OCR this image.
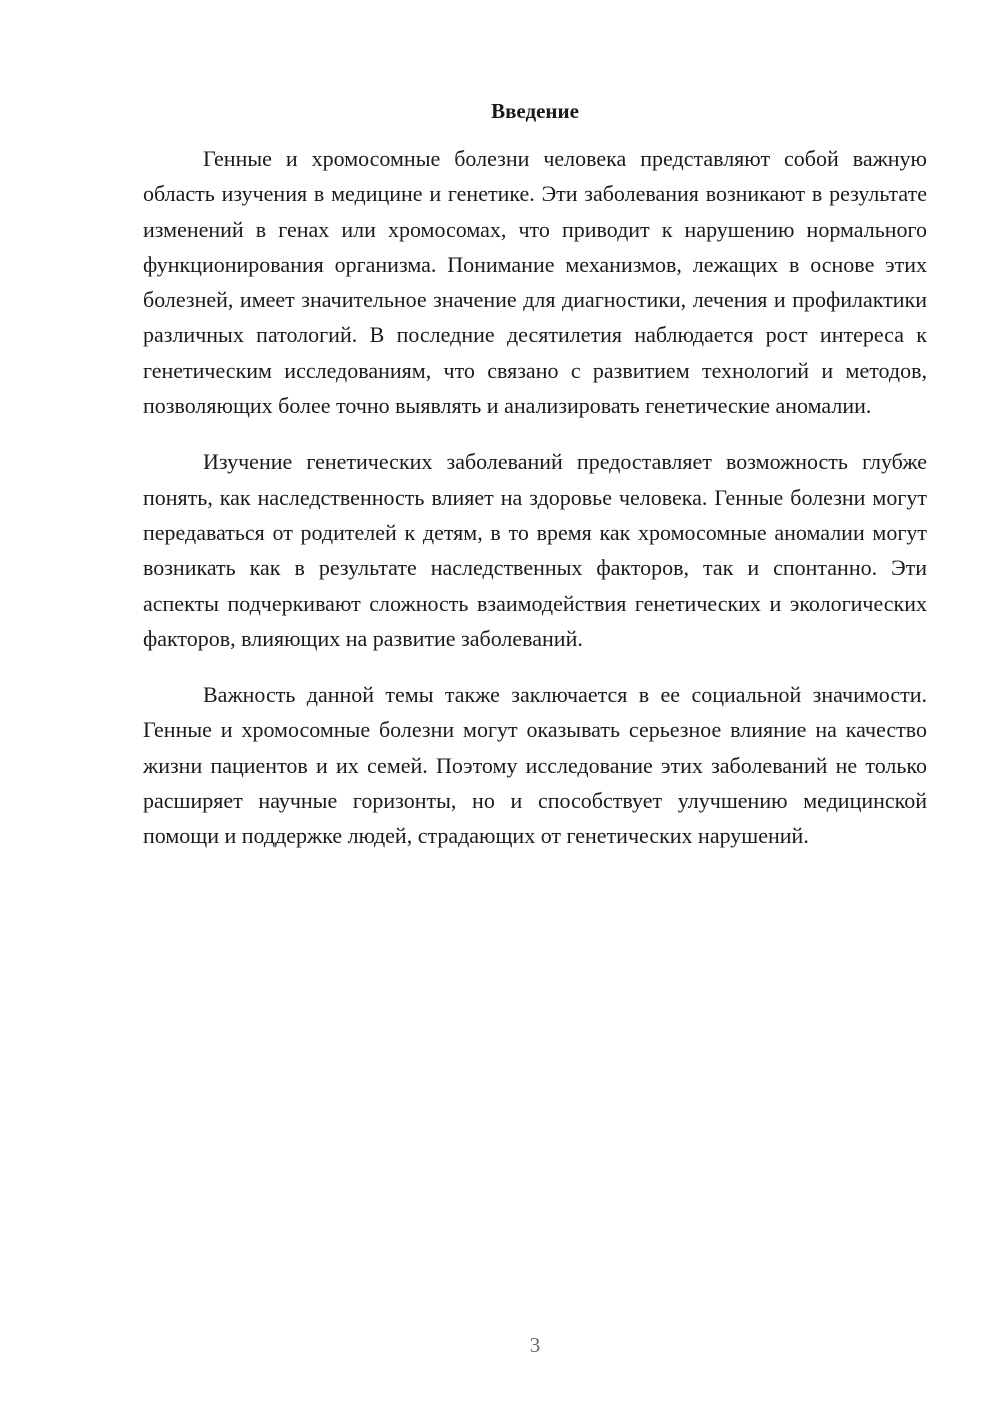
Введение

Генные и хромосомные болезни человека представляют собой важную область изучения в медицине и генетике. Эти заболевания возникают в результате изменений в генах или хромосомах, что приводит к нарушению нормального функционирования организма. Понимание механизмов, лежащих в основе этих болезней, имеет значительное значение для диагностики, лечения и профилактики различных патологий. В последние десятилетия наблюдается рост интереса к генетическим исследованиям, что связано с развитием технологий и методов, позволяющих более точно выявлять и анализировать генетические аномалии.

Изучение генетических заболеваний предоставляет возможность глубже понять, как наследственность влияет на здоровье человека. Генные болезни могут передаваться от родителей к детям, в то время как хромосомные аномалии могут возникать как в результате наследственных факторов, так и спонтанно. Эти аспекты подчеркивают сложность взаимодействия генетических и экологических факторов, влияющих на развитие заболеваний.

Важность данной темы также заключается в ее социальной значимости. Генные и хромосомные болезни могут оказывать серьезное влияние на качество жизни пациентов и их семей. Поэтому исследование этих заболеваний не только расширяет научные горизонты, но и способствует улучшению медицинской помощи и поддержке людей, страдающих от генетических нарушений.

3
